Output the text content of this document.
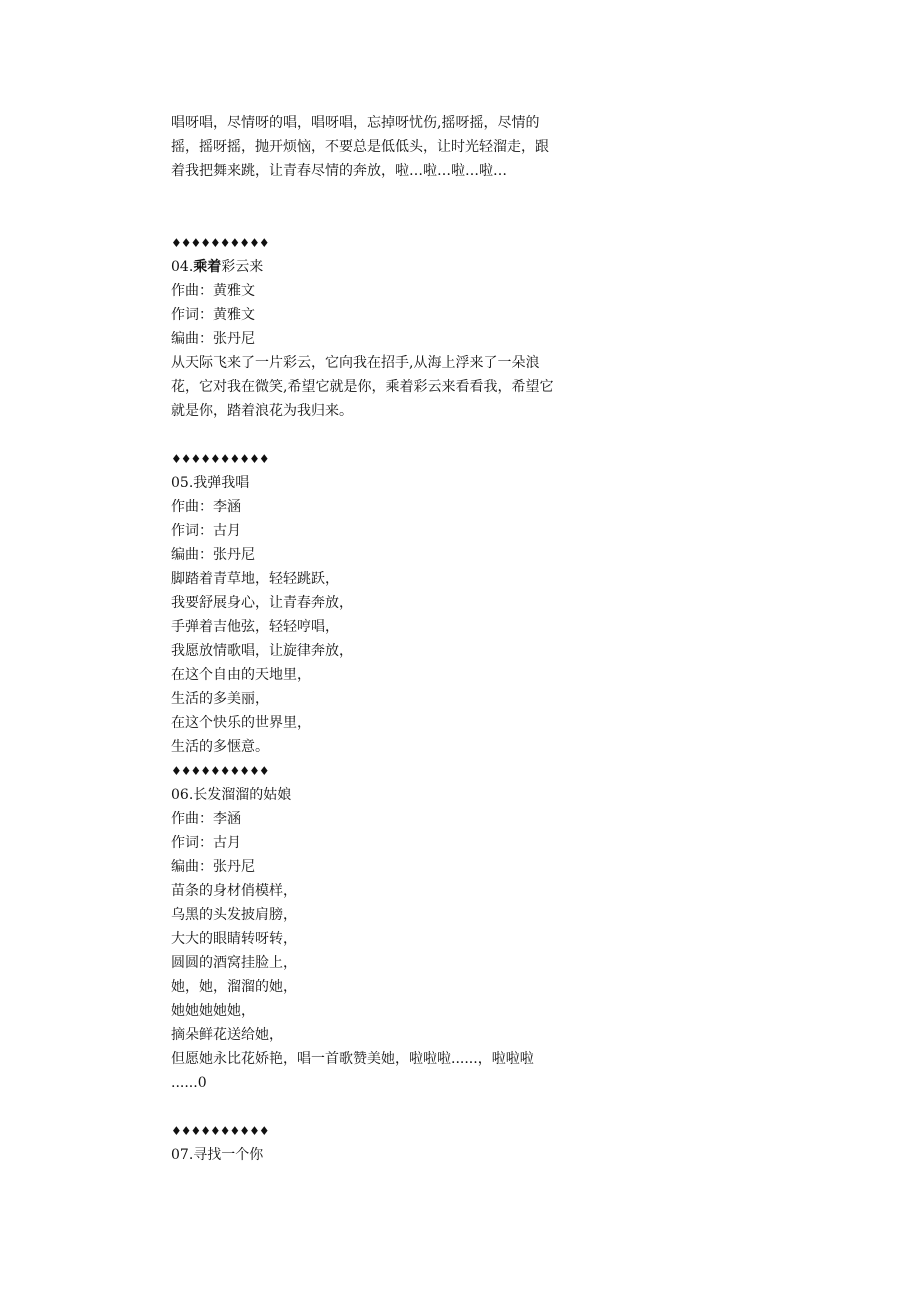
唱呀唱，尽情呀的唱，唱呀唱，忘掉呀忧伤,摇呀摇，尽情的
摇，摇呀摇，抛开烦恼，不要总是低低头，让时光轻溜走，跟
着我把舞来跳，让青春尽情的奔放，啦…啦…啦…啦…
♦♦♦♦♦♦♦♦♦♦
04.乘着彩云来
作曲：黄雅文
作词：黄雅文
编曲：张丹尼
从天际飞来了一片彩云，它向我在招手,从海上浮来了一朵浪
花，它对我在微笑,希望它就是你，乘着彩云来看看我，希望它
就是你，踏着浪花为我归来。
♦♦♦♦♦♦♦♦♦♦
05.我弹我唱
作曲：李涵
作词：古月
编曲：张丹尼
脚踏着青草地，轻轻跳跃，
我要舒展身心，让青春奔放，
手弹着吉他弦，轻轻哼唱，
我愿放情歌唱，让旋律奔放，
在这个自由的天地里，
生活的多美丽，
在这个快乐的世界里，
生活的多惬意。
♦♦♦♦♦♦♦♦♦♦
06.长发溜溜的姑娘
作曲：李涵
作词：古月
编曲：张丹尼
苗条的身材俏模样，
乌黑的头发披肩膀，
大大的眼睛转呀转，
圆圆的酒窝挂脸上，
她，她，溜溜的她，
她她她她她，
摘朵鲜花送给她，
但愿她永比花娇艳，唱一首歌赞美她，啦啦啦......，啦啦啦
......0
♦♦♦♦♦♦♦♦♦♦
07.寻找一个你
